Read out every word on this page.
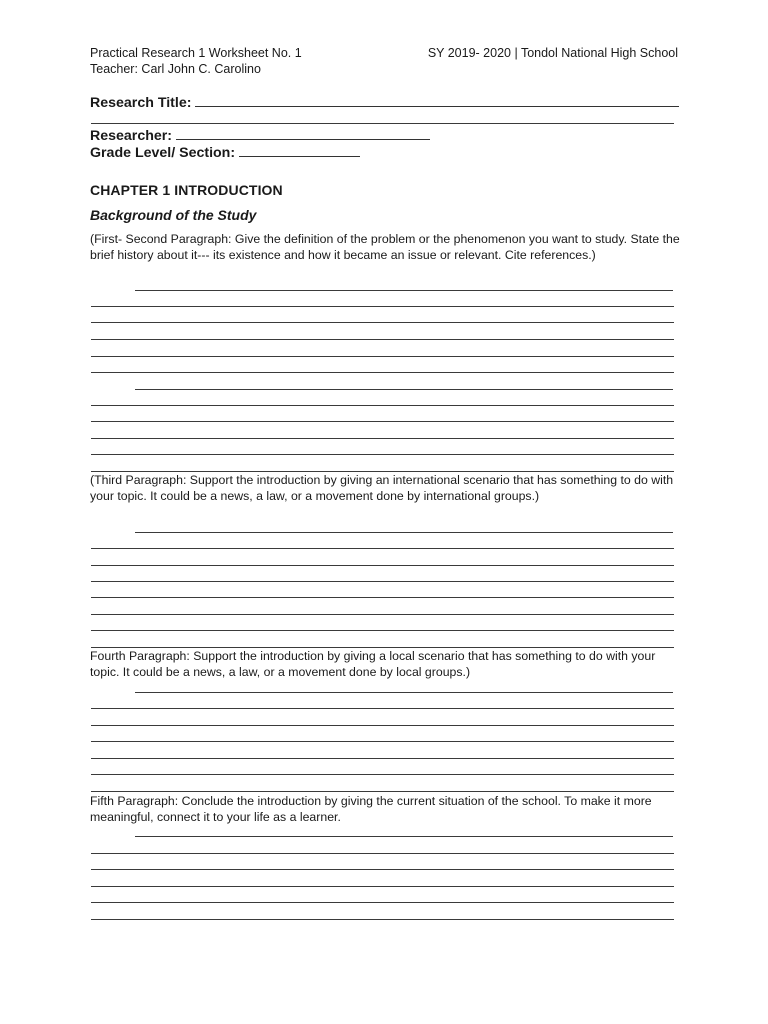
Practical Research 1 Worksheet No. 1
Teacher: Carl John C. Carolino
SY 2019- 2020 | Tondol National High School
Research Title:
Researcher:
Grade Level/ Section:
CHAPTER 1 INTRODUCTION
Background of the Study
(First- Second Paragraph: Give the definition of the problem or the phenomenon you want to study. State the brief history about it--- its existence and how it became an issue or relevant. Cite references.)
(Third Paragraph: Support the introduction by giving an international scenario that has something to do with your topic. It could be a news, a law, or a movement done by international groups.)
Fourth Paragraph: Support the introduction by giving a local scenario that has something to do with your topic. It could be a news, a law, or a movement done by local groups.)
Fifth Paragraph: Conclude the introduction by giving the current situation of the school. To make it more meaningful, connect it to your life as a learner.
